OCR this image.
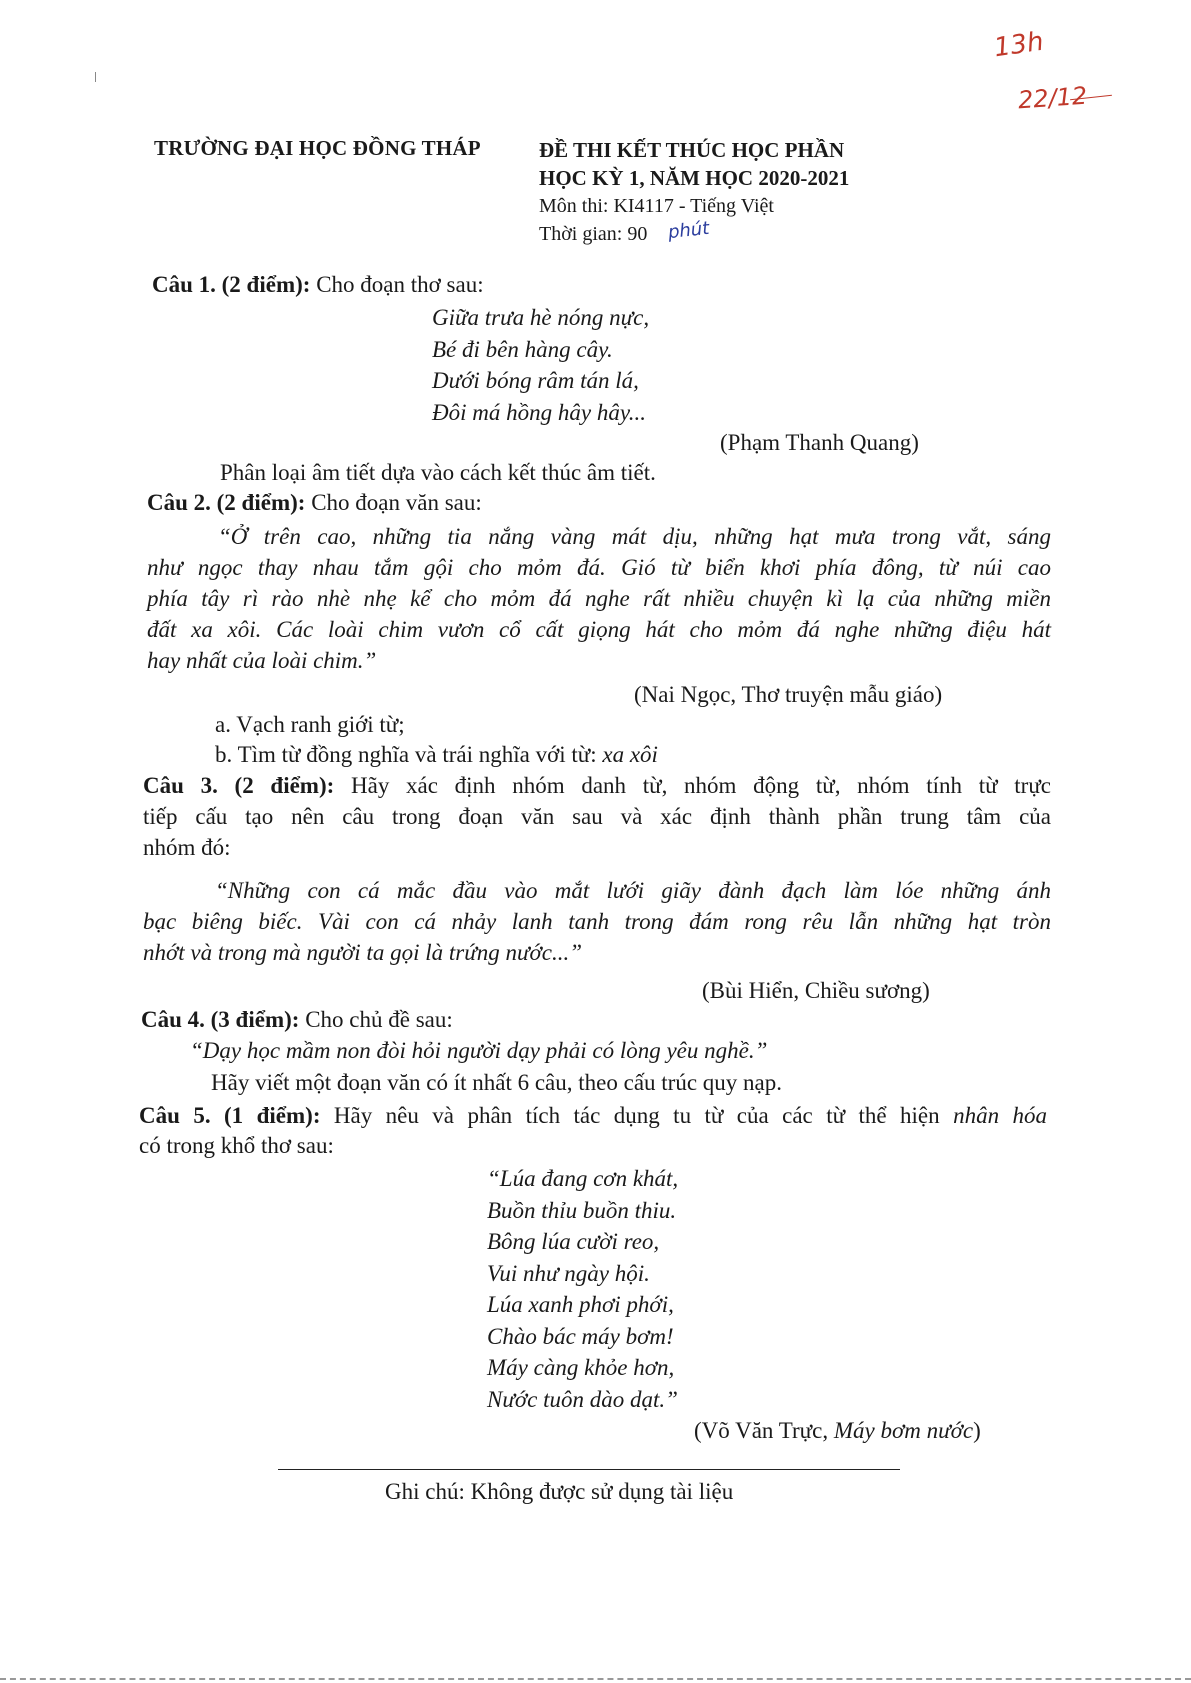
13h
22/12
TRƯỜNG ĐẠI HỌC ĐỒNG THÁP	ĐỀ THI KẾT THÚC HỌC PHẦN
HỌC KỲ 1, NĂM HỌC 2020-2021
Môn thi: KI4117 - Tiếng Việt
Thời gian: 90	phút
Câu 1. (2 điểm): Cho đoạn thơ sau:
Giữa trưa hè nóng nực,
Bé đi bên hàng cây.
Dưới bóng râm tán lá,
Đôi má hồng hây hây...
(Phạm Thanh Quang)
Phân loại âm tiết dựa vào cách kết thúc âm tiết.
Câu 2. (2 điểm): Cho đoạn văn sau:
“Ở trên cao, những tia nắng vàng mát dịu, những hạt mưa trong vắt, sáng
như ngọc thay nhau tắm gội cho mỏm đá. Gió từ biển khơi phía đông, từ núi cao
phía tây rì rào nhè nhẹ kể cho mỏm đá nghe rất nhiều chuyện kì lạ của những miền
đất xa xôi. Các loài chim vươn cổ cất giọng hát cho mỏm đá nghe những điệu hát
hay nhất của loài chim.”
(Nai Ngọc, Thơ truyện mẫu giáo)
a. Vạch ranh giới từ;
b. Tìm từ đồng nghĩa và trái nghĩa với từ: xa xôi
Câu 3. (2 điểm): Hãy xác định nhóm danh từ, nhóm động từ, nhóm tính từ trực
tiếp cấu tạo nên câu trong đoạn văn sau và xác định thành phần trung tâm của
nhóm đó:
“Những con cá mắc đầu vào mắt lưới giãy đành đạch làm lóe những ánh
bạc biêng biếc. Vài con cá nhảy lanh tanh trong đám rong rêu lẫn những hạt tròn
nhớt và trong mà người ta gọi là trứng nước...”
(Bùi Hiển, Chiều sương)
Câu 4. (3 điểm): Cho chủ đề sau:
“Dạy học mầm non đòi hỏi người dạy phải có lòng yêu nghề.”
Hãy viết một đoạn văn có ít nhất 6 câu, theo cấu trúc quy nạp.
Câu 5. (1 điểm): Hãy nêu và phân tích tác dụng tu từ của các từ thể hiện nhân hóa
có trong khổ thơ sau:
“Lúa đang cơn khát,
Buồn thỉu buồn thiu.
Bông lúa cười reo,
Vui như ngày hội.
Lúa xanh phơi phới,
Chào bác máy bơm!
Máy càng khỏe hơn,
Nước tuôn dào dạt.”
(Võ Văn Trực, Máy bơm nước)
Ghi chú: Không được sử dụng tài liệu
